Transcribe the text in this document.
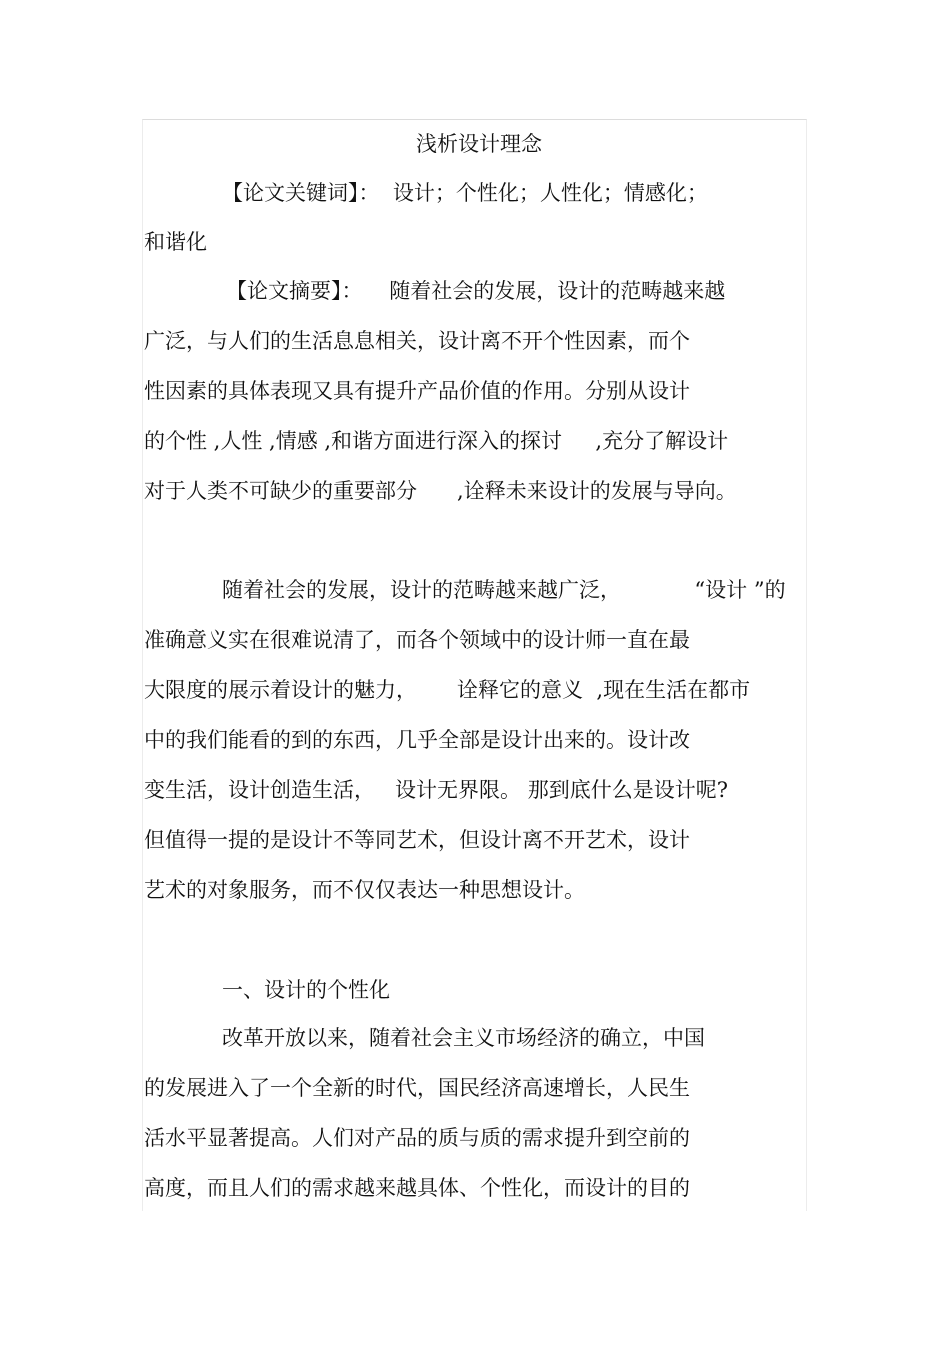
浅析设计理念
【论文关键词】：  设计；个性化；人性化；情感化；
和谐化
【论文摘要】：    随着社会的发展，设计的范畴越来越
广泛，与人们的生活息息相关，设计离不开个性因素，而个
性因素的具体表现又具有提升产品价值的作用。分别从设计
的个性 ,人性 ,情感 ,和谐方面进行深入的探讨     ,充分了解设计
对于人类不可缺少的重要部分      ,诠释未来设计的发展与导向。
随着社会的发展，设计的范畴越来越广泛，           “设计 ”的
准确意义实在很难说清了，而各个领域中的设计师一直在最
大限度的展示着设计的魅力，      诠释它的意义  ,现在生活在都市
中的我们能看的到的东西，几乎全部是设计出来的。设计改
变生活，设计创造生活，   设计无界限。 那到底什么是设计呢?
但值得一提的是设计不等同艺术，但设计离不开艺术，设计
艺术的对象服务，而不仅仅表达一种思想设计。
一、设计的个性化
改革开放以来，随着社会主义市场经济的确立，中国
的发展进入了一个全新的时代，国民经济高速增长，人民生
活水平显著提高。人们对产品的质与质的需求提升到空前的
高度，而且人们的需求越来越具体、个性化，而设计的目的
